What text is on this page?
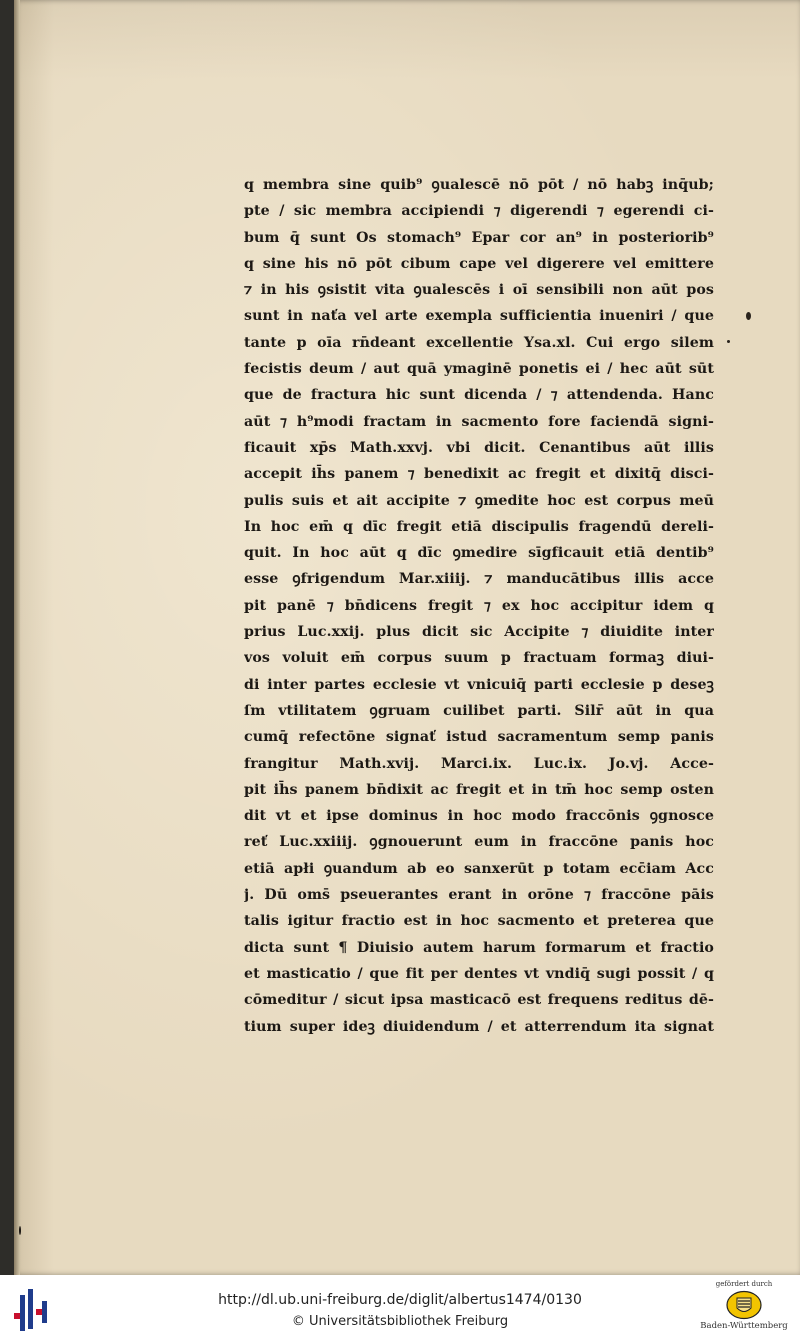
q membra sine quib⁹ ꝯualescē nō pōt / nō habꝫ inq̄ub;
pte / sic membra accipiendi ⁊ digerendi ⁊ egerendi ci-
bum q̄ sunt Os stomach⁹ Epar cor an⁹ in posteriorib⁹
q sine his nō pōt cibum cape vel digerere vel emittere
⁊ in his ꝯsistit vita ꝯualescēs i oī sensibili non aūt pos
sunt in naťa vel arte exempla sufficientia inueniri / que
tante p oīa rn̄deant excellentie Ysa.xl. Cui ergo silem
fecistis deum / aut quā ymaginē ponetis ei / hec aūt sūt
que de fractura hic sunt dicenda / ⁊ attendenda. Hanc
aūt ⁊ h⁹modi fractam in sacmento fore faciendā signi-
ficauit xp̄s Math.xxvj. vbi dicit. Cenantibus aūt illis
accepit ih̄s panem ⁊ benedixit ac fregit et dixitq̄ disci-
pulis suis et ait accipite ⁊ ꝯmedite hoc est corpus meū
In hoc em̄ q dīc fregit etiā discipulis fragendū dereli-
quit. In hoc aūt q dīc ꝯmedire sīgficauit etiā dentib⁹
esse ꝯfrigendum Mar.xiiij. ⁊ manducātibus illis acce
pit panē ⁊ bn̄dicens fregit ⁊ ex hoc accipitur idem q
prius Luc.xxij. plus dicit sic Accipite ⁊ diuidite inter
vos voluit em̄ corpus suum p fractuam formaꝫ diui-
di inter partes ecclesie vt vnicuiq̄ parti ecclesie p deseꝫ
ſm vtilitatem ꝯgruam cuilibet parti. Silr̄ aūt in qua
cumq̄ refectōne signať istud sacramentum semp panis
frangitur Math.xvij. Marci.ix. Luc.ix. Jo.vj. Acce-
pit ih̄s panem bn̄dixit ac fregit et in tm̄ hoc semp osten
dit vt et ipse dominus in hoc modo fraccōnis ꝯgnosce
reť Luc.xxiiij. ꝯgnouerunt eum in fraccōne panis hoc
etiā apłi ꝯuandum ab eo sanxerūt p totam ecc̄iam Acc
j. Dū oms̄ pseuerantes erant in orōne ⁊ fraccōne pāis
talis igitur fractio est in hoc sacmento et preterea que
dicta sunt ¶ Diuisio autem harum formarum et fractio
et masticatio / que fit per dentes vt vndiq̄ sugi possit / q
cōmeditur / sicut ipsa masticacō est frequens reditus dē-
tium super ideꝫ diuidendum / et atterrendum ita signat
http://dl.ub.uni-freiburg.de/diglit/albertus1474/0130
© Universitätsbibliothek Freiburg
gefördert durch
Baden-Württemberg
